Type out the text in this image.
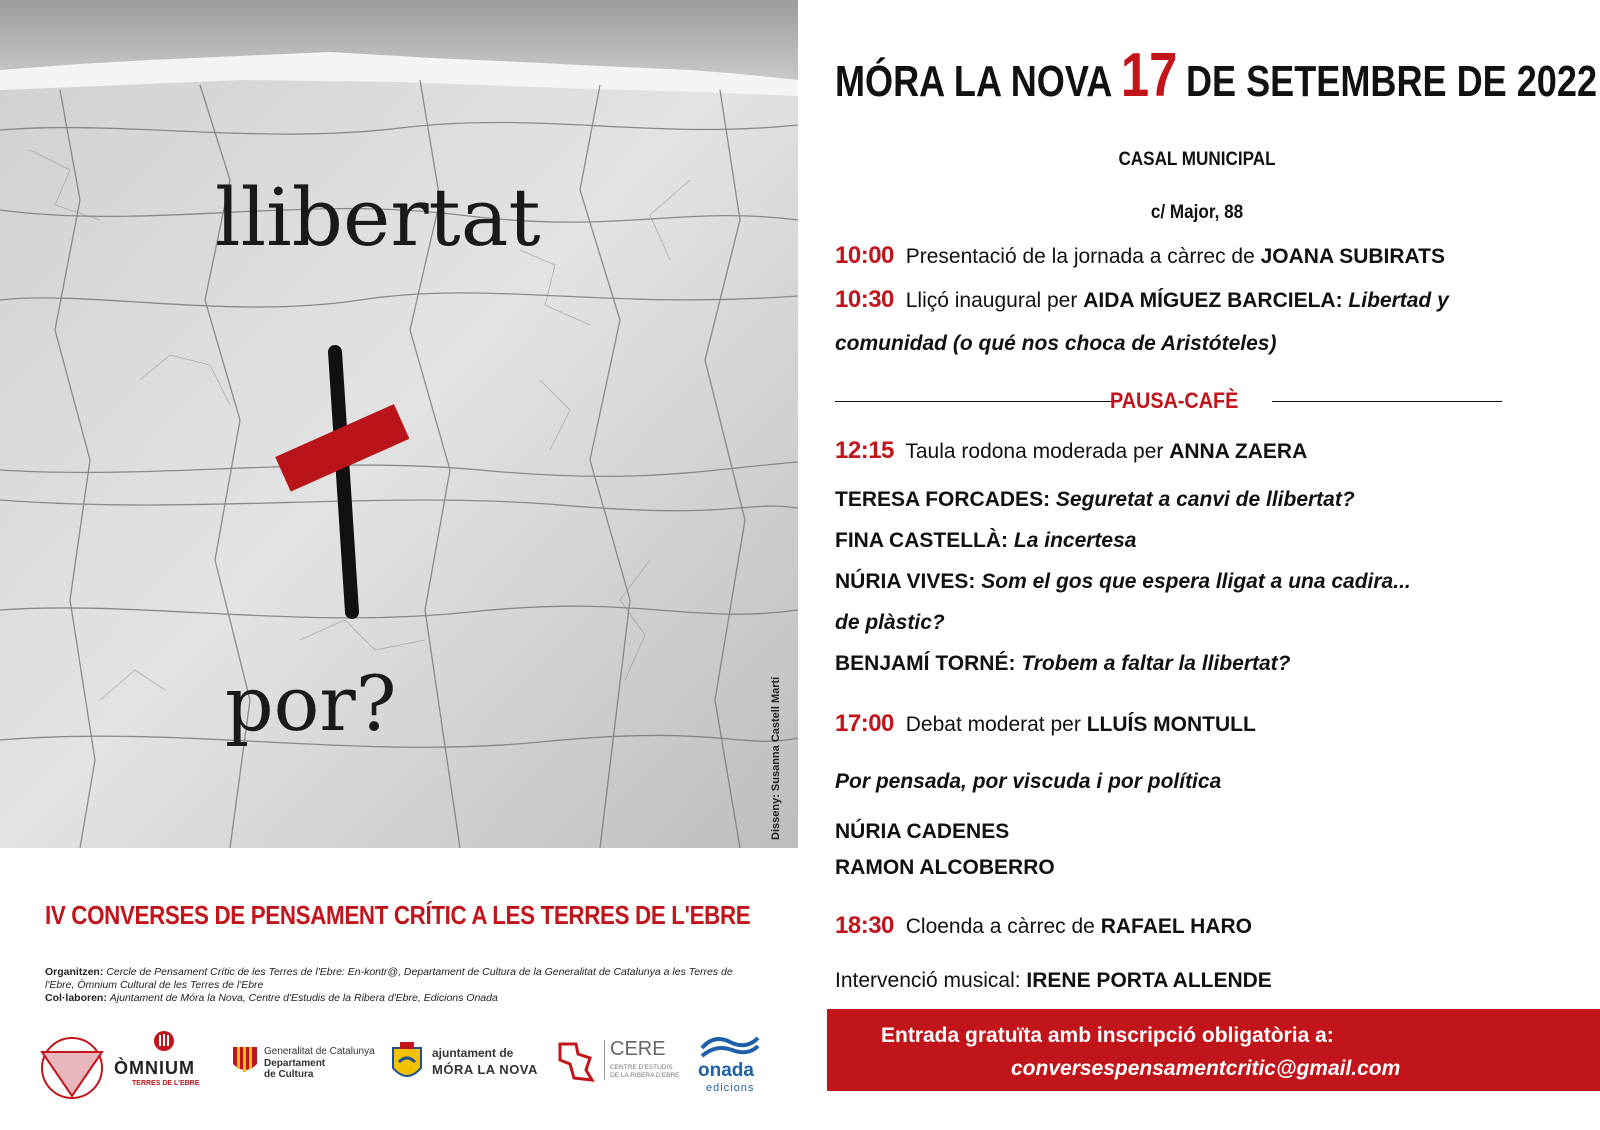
llibertat
por?	Disseny: Susanna Castell Martí
IV CONVERSES DE PENSAMENT CRÍTIC A LES TERRES DE L'EBRE
Organitzen: Cercle de Pensament Crític de les Terres de l'Ebre: En-kontr@, Departament de Cultura de la Generalitat de Catalunya a les Terres de l'Ebre, Òmnium Cultural de les Terres de l'Ebre
Col·laboren: Ajuntament de Móra la Nova, Centre d'Estudis de la Ribera d'Ebre, Edicions Onada
ÒMNIUM
TERRES DE L'EBRE
Generalitat de Catalunya
Departament
de Cultura
ajuntament de
MÓRA LA NOVA
CERE
CENTRE D'ESTUDIS
DE LA RIBERA D'EBRE onada
edicions
MÓRA LA NOVA 17 DE SETEMBRE DE 2022
CASAL MUNICIPAL
c/ Major, 88
10:00 Presentació de la jornada a càrrec de JOANA SUBIRATS
10:30 Lliçó inaugural per AIDA MÍGUEZ BARCIELA: Libertad y
comunidad (o qué nos choca de Aristóteles)
PAUSA-CAFÈ
12:15 Taula rodona moderada per ANNA ZAERA
TERESA FORCADES: Seguretat a canvi de llibertat?
FINA CASTELLÀ: La incertesa
NÚRIA VIVES: Som el gos que espera lligat a una cadira...
de plàstic?
BENJAMÍ TORNÉ: Trobem a faltar la llibertat?
17:00 Debat moderat per LLUÍS MONTULL
Por pensada, por viscuda i por política
NÚRIA CADENES
RAMON ALCOBERRO
18:30 Cloenda a càrrec de RAFAEL HARO
Intervenció musical: IRENE PORTA ALLENDE
Entrada gratuïta amb inscripció obligatòria a:
conversespensamentcritic@gmail.com
